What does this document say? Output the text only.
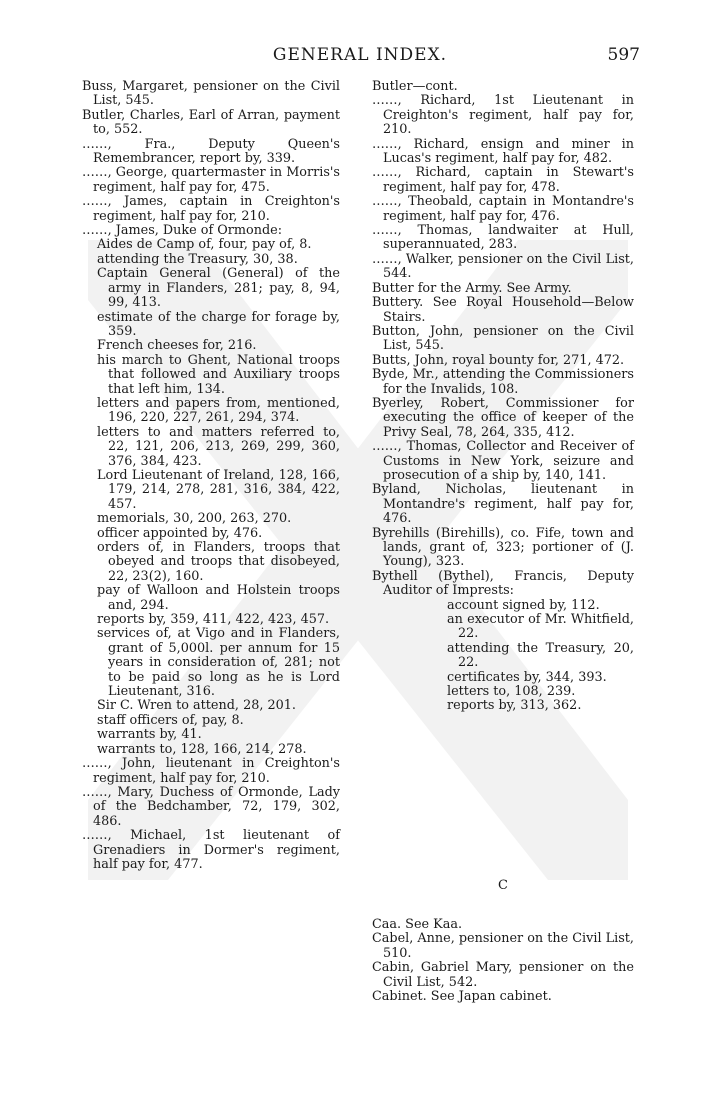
GENERAL INDEX.	597

Buss, Margaret, pensioner on the Civil List, 545.

Butler, Charles, Earl of Arran, payment to, 552.

……, Fra., Deputy Queen's Remembrancer, report by, 339.

……, George, quartermaster in Morris's regiment, half pay for, 475.

……, James, captain in Creighton's regiment, half pay for, 210.

……, James, Duke of Ormonde:

Aides de Camp of, four, pay of, 8.

attending the Treasury, 30, 38.

Captain General (General) of the army in Flanders, 281; pay, 8, 94, 99, 413.

estimate of the charge for forage by, 359.

French cheeses for, 216.

his march to Ghent, National troops that followed and Auxiliary troops that left him, 134.

letters and papers from, mentioned, 196, 220, 227, 261, 294, 374.

letters to and matters referred to, 22, 121, 206, 213, 269, 299, 360, 376, 384, 423.

Lord Lieutenant of Ireland, 128, 166, 179, 214, 278, 281, 316, 384, 422, 457.

memorials, 30, 200, 263, 270.

officer appointed by, 476.

orders of, in Flanders, troops that obeyed and troops that disobeyed, 22, 23(2), 160.

pay of Walloon and Holstein troops and, 294.

reports by, 359, 411, 422, 423, 457.

services of, at Vigo and in Flanders, grant of 5,000l. per annum for 15 years in consideration of, 281; not to be paid so long as he is Lord Lieutenant, 316.

Sir C. Wren to attend, 28, 201.

staff officers of, pay, 8.

warrants by, 41.

warrants to, 128, 166, 214, 278.

……, John, lieutenant in Creighton's regiment, half pay for, 210.

……, Mary, Duchess of Ormonde, Lady of the Bedchamber, 72, 179, 302, 486.

……, Michael, 1st lieutenant of Grenadiers in Dormer's regiment, half pay for, 477.

Butler—cont.

……, Richard, 1st Lieutenant in Creighton's regiment, half pay for, 210.

……, Richard, ensign and miner in Lucas's regiment, half pay for, 482.

……, Richard, captain in Stewart's regiment, half pay for, 478.

……, Theobald, captain in Montandre's regiment, half pay for, 476.

……, Thomas, landwaiter at Hull, superannuated, 283.

……, Walker, pensioner on the Civil List, 544.

Butter for the Army. See Army.

Buttery. See Royal Household—Below Stairs.

Button, John, pensioner on the Civil List, 545.

Butts, John, royal bounty for, 271, 472.

Byde, Mr., attending the Commissioners for the Invalids, 108.

Byerley, Robert, Commissioner for executing the office of keeper of the Privy Seal, 78, 264, 335, 412.

……, Thomas, Collector and Receiver of Customs in New York, seizure and prosecution of a ship by, 140, 141.

Byland, Nicholas, lieutenant in Montandre's regiment, half pay for, 476.

Byrehills (Birehills), co. Fife, town and lands, grant of, 323; portioner of (J. Young), 323.

Bythell (Bythel), Francis, Deputy Auditor of Imprests:

account signed by, 112.

an executor of Mr. Whitfield, 22.

attending the Treasury, 20, 22.

certificates by, 344, 393.

letters to, 108, 239.

reports by, 313, 362.

C

Caa. See Kaa.

Cabel, Anne, pensioner on the Civil List, 510.

Cabin, Gabriel Mary, pensioner on the Civil List, 542.

Cabinet. See Japan cabinet.
